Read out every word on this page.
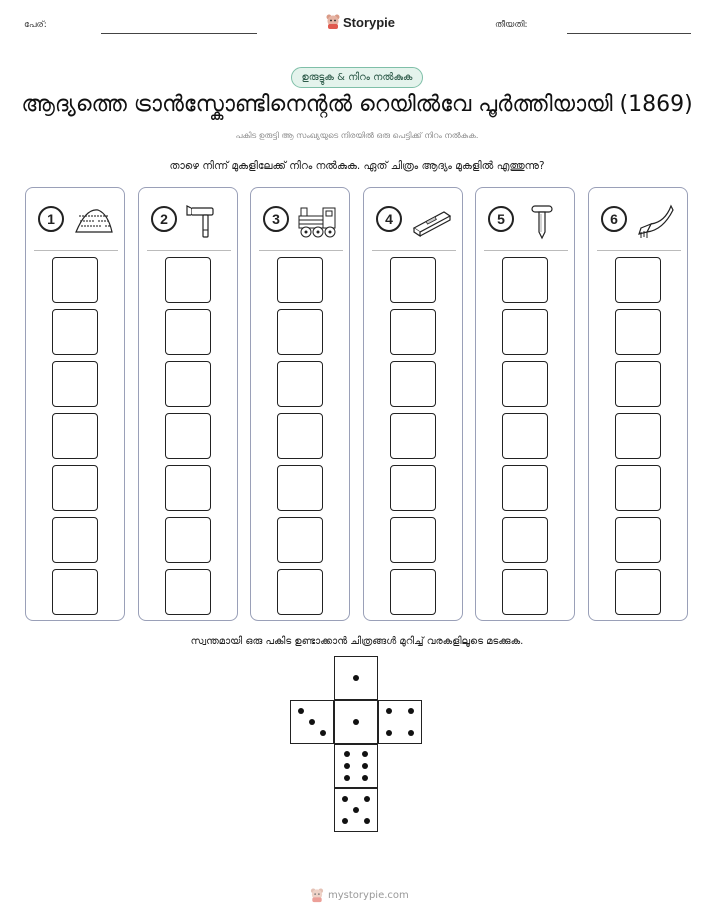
പേര്:	Storypie	തീയതി:
ഉരുട്ടുക & നിറം നൽകുക
ആദ്യത്തെ ട്രാൻസ്കോണ്ടിനെന്റൽ റെയിൽവേ പൂർത്തിയായി (1869)
പകിട ഉരുട്ടി ആ സംഖ്യയുടെ നിരയിൽ ഒരു പെട്ടിക്ക് നിറം നൽകുക.
താഴെ നിന്ന് മുകളിലേക്ക് നിറം നൽകുക. ഏത് ചിത്രം ആദ്യം മുകളിൽ എത്തുന്നു?
1	2	3	4	5	6
സ്വന്തമായി ഒരു പകിട ഉണ്ടാക്കാൻ ചിത്രങ്ങൾ മുറിച്ച് വരകളിലൂടെ മടക്കുക.
mystorypie.com
